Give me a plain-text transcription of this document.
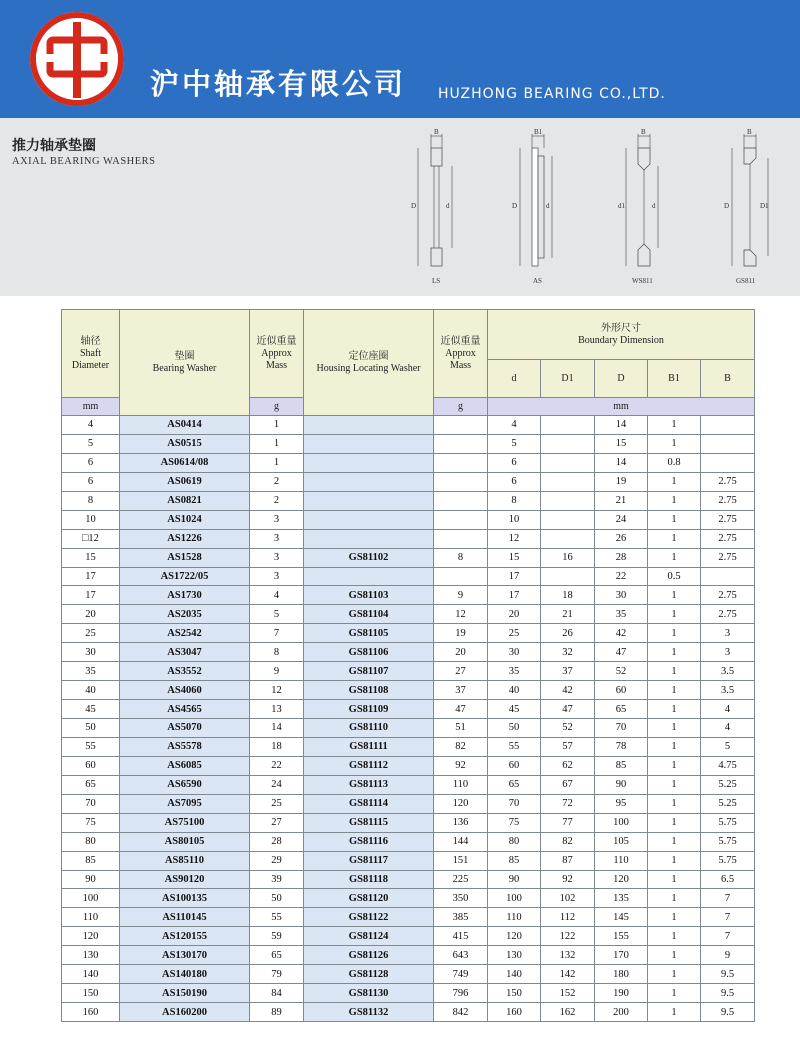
沪中轴承有限公司 HUZHONG BEARING CO.,LTD.
推力轴承垫圈
AXIAL BEARING WASHERS
B
D	d
LS
B1
D	d
AS
B
d1	d
WS811
B
D	D1
GS811
轴径
Shaft
Diameter	垫圈
Bearing Washer	近似重量
Approx
Mass	定位座圈
Housing Locating Washer	近似重量
Approx
Mass	外形尺寸
Boundary Dimension				
					d	D1	D	B1	B
mm		g		g	mm				
4	AS0414	1			4		14	1	
5	AS0515	1			5		15	1	
6	AS0614/08	1			6		14	0.8	
6	AS0619	2			6		19	1	2.75
8	AS0821	2			8		21	1	2.75
10	AS1024	3			10		24	1	2.75
□12	AS1226	3			12		26	1	2.75
15	AS1528	3	GS81102	8	15	16	28	1	2.75
17	AS1722/05	3			17		22	0.5	
17	AS1730	4	GS81103	9	17	18	30	1	2.75
20	AS2035	5	GS81104	12	20	21	35	1	2.75
25	AS2542	7	GS81105	19	25	26	42	1	3
30	AS3047	8	GS81106	20	30	32	47	1	3
35	AS3552	9	GS81107	27	35	37	52	1	3.5
40	AS4060	12	GS81108	37	40	42	60	1	3.5
45	AS4565	13	GS81109	47	45	47	65	1	4
50	AS5070	14	GS81110	51	50	52	70	1	4
55	AS5578	18	GS81111	82	55	57	78	1	5
60	AS6085	22	GS81112	92	60	62	85	1	4.75
65	AS6590	24	GS81113	110	65	67	90	1	5.25
70	AS7095	25	GS81114	120	70	72	95	1	5.25
75	AS75100	27	GS81115	136	75	77	100	1	5.75
80	AS80105	28	GS81116	144	80	82	105	1	5.75
85	AS85110	29	GS81117	151	85	87	110	1	5.75
90	AS90120	39	GS81118	225	90	92	120	1	6.5
100	AS100135	50	GS81120	350	100	102	135	1	7
110	AS110145	55	GS81122	385	110	112	145	1	7
120	AS120155	59	GS81124	415	120	122	155	1	7
130	AS130170	65	GS81126	643	130	132	170	1	9
140	AS140180	79	GS81128	749	140	142	180	1	9.5
150	AS150190	84	GS81130	796	150	152	190	1	9.5
160	AS160200	89	GS81132	842	160	162	200	1	9.5
